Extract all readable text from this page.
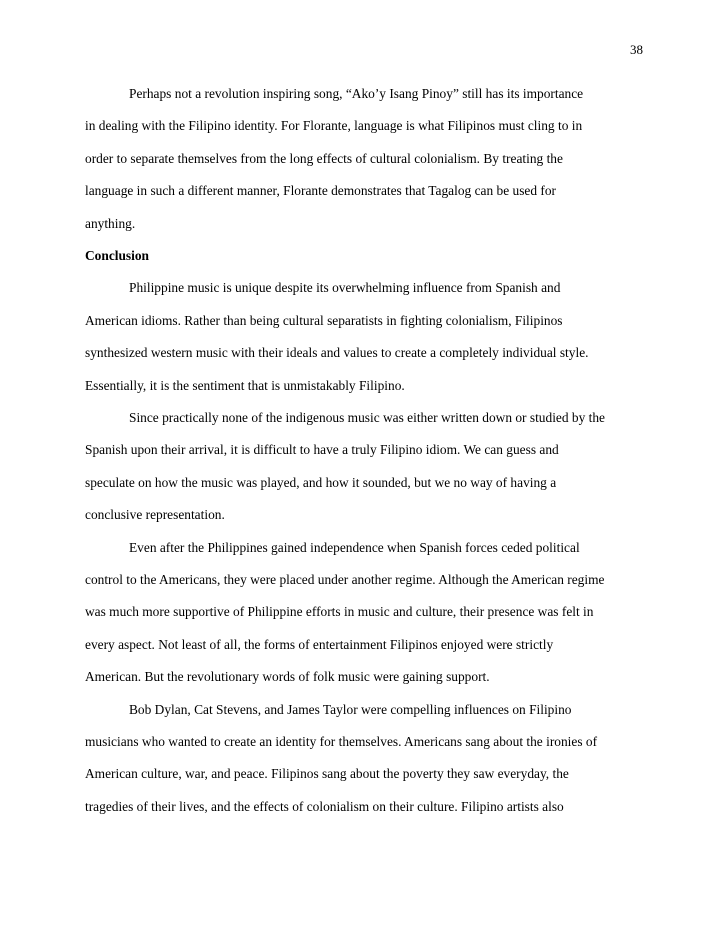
38
Perhaps not a revolution inspiring song, “Ako’y Isang Pinoy” still has its importance
in dealing with the Filipino identity. For Florante, language is what Filipinos must cling to in
order to separate themselves from the long effects of cultural colonialism. By treating the
language in such a different manner, Florante demonstrates that Tagalog can be used for
anything.
Conclusion
Philippine music is unique despite its overwhelming influence from Spanish and
American idioms. Rather than being cultural separatists in fighting colonialism, Filipinos
synthesized western music with their ideals and values to create a completely individual style.
Essentially, it is the sentiment that is unmistakably Filipino.
Since practically none of the indigenous music was either written down or studied by the
Spanish upon their arrival, it is difficult to have a truly Filipino idiom. We can guess and
speculate on how the music was played, and how it sounded, but we no way of having a
conclusive representation.
Even after the Philippines gained independence when Spanish forces ceded political
control to the Americans, they were placed under another regime. Although the American regime
was much more supportive of Philippine efforts in music and culture, their presence was felt in
every aspect. Not least of all, the forms of entertainment Filipinos enjoyed were strictly
American. But the revolutionary words of folk music were gaining support.
Bob Dylan, Cat Stevens, and James Taylor were compelling influences on Filipino
musicians who wanted to create an identity for themselves. Americans sang about the ironies of
American culture, war, and peace. Filipinos sang about the poverty they saw everyday, the
tragedies of their lives, and the effects of colonialism on their culture. Filipino artists also
